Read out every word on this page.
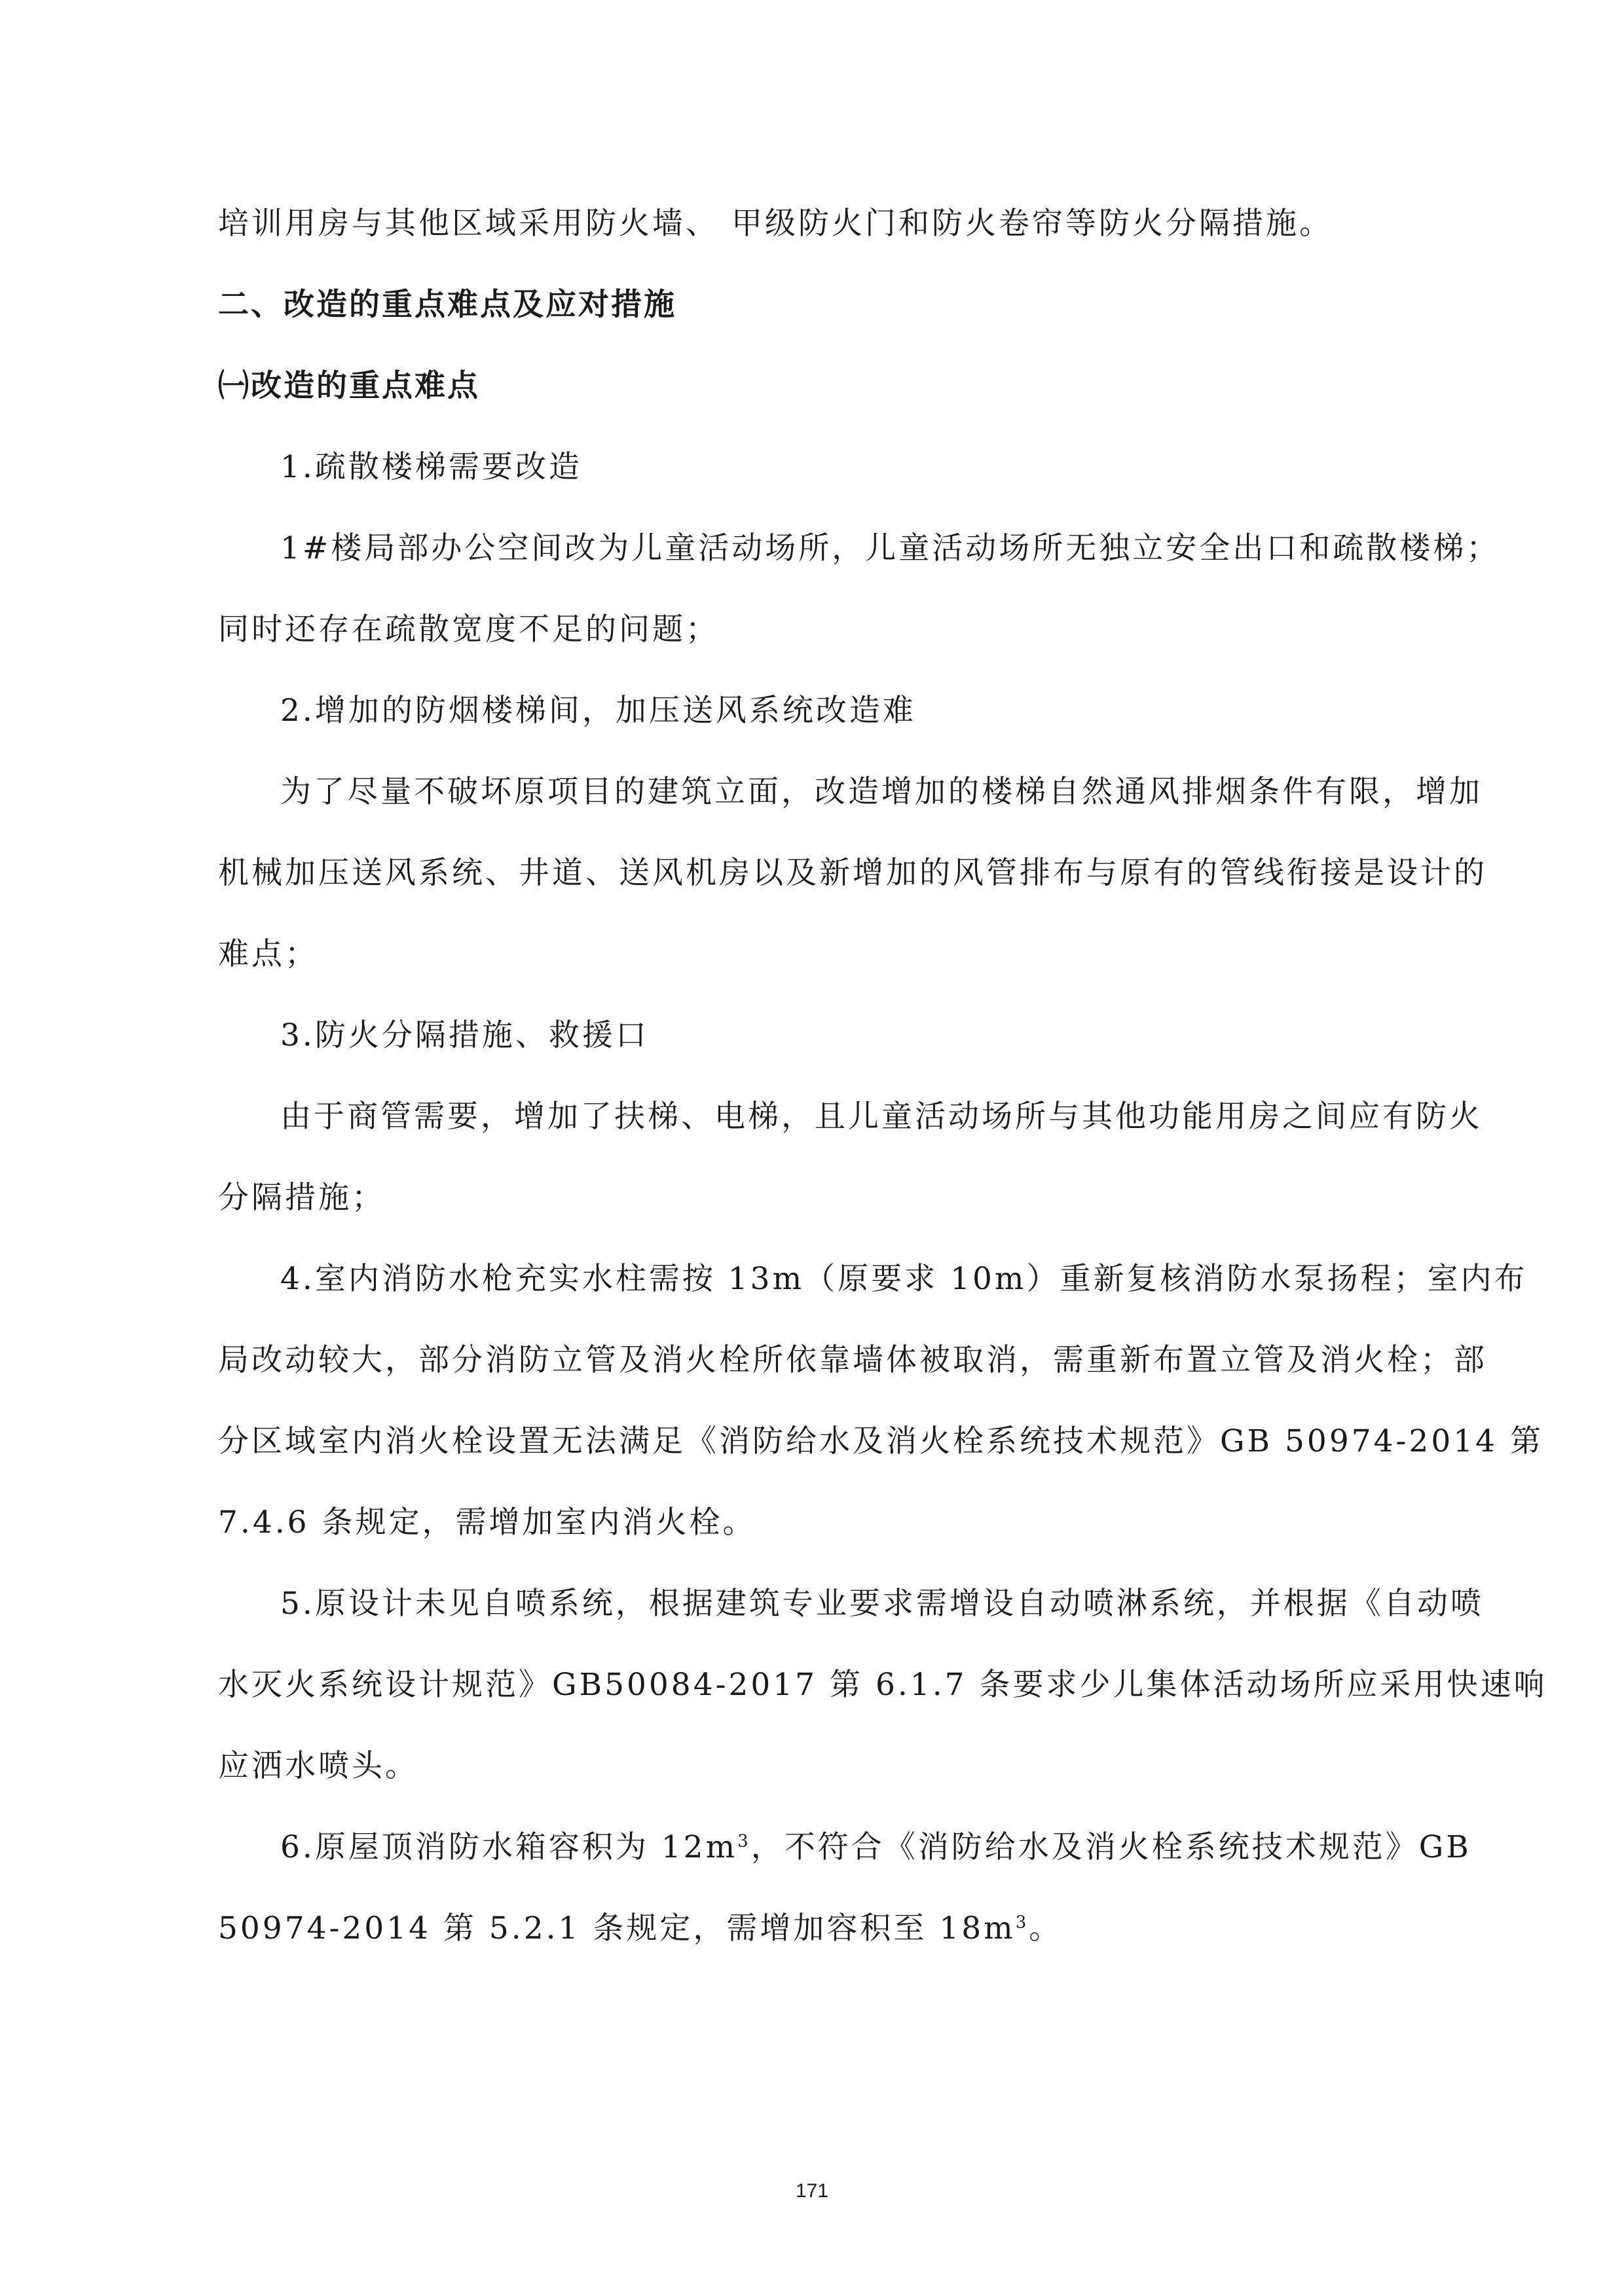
培训用房与其他区域采用防火墙、 甲级防火门和防火卷帘等防火分隔措施。
二、改造的重点难点及应对措施
㈠改造的重点难点
1.疏散楼梯需要改造
1#楼局部办公空间改为儿童活动场所，儿童活动场所无独立安全出口和疏散楼梯；
同时还存在疏散宽度不足的问题；
2.增加的防烟楼梯间，加压送风系统改造难
为了尽量不破坏原项目的建筑立面，改造增加的楼梯自然通风排烟条件有限，增加
机械加压送风系统、井道、送风机房以及新增加的风管排布与原有的管线衔接是设计的
难点；
3.防火分隔措施、救援口
由于商管需要，增加了扶梯、电梯，且儿童活动场所与其他功能用房之间应有防火
分隔措施；
4.室内消防水枪充实水柱需按 13m（原要求 10m）重新复核消防水泵扬程；室内布
局改动较大，部分消防立管及消火栓所依靠墙体被取消，需重新布置立管及消火栓；部
分区域室内消火栓设置无法满足《消防给水及消火栓系统技术规范》GB 50974-2014 第
7.4.6 条规定，需增加室内消火栓。
5.原设计未见自喷系统，根据建筑专业要求需增设自动喷淋系统，并根据《自动喷
水灭火系统设计规范》GB50084-2017 第 6.1.7 条要求少儿集体活动场所应采用快速响
应洒水喷头。
6.原屋顶消防水箱容积为 $12m^3$，不符合《消防给水及消火栓系统技术规范》GB
50974-2014 第 5.2.1 条规定，需增加容积至 $18m^3$。
171
